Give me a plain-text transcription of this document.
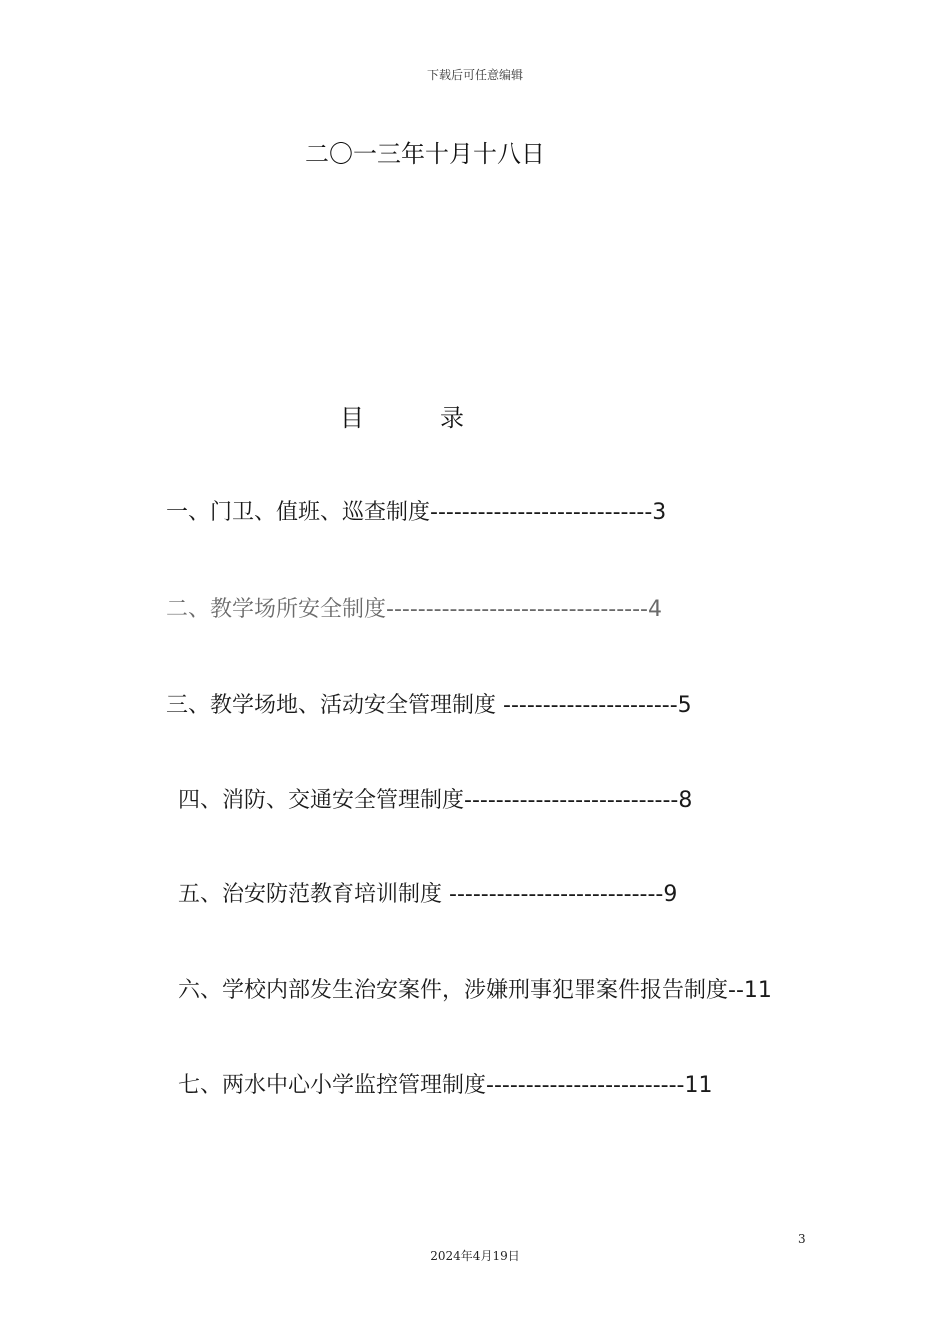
下载后可任意编辑
二〇一三年十月十八日
目	录
一、门卫、值班、巡查制度----------------------------3
二、教学场所安全制度---------------------------------4
三、教学场地、活动安全管理制度 ----------------------5
四、消防、交通安全管理制度---------------------------8
五、治安防范教育培训制度 ---------------------------9
六、学校内部发生治安案件，涉嫌刑事犯罪案件报告制度--11
七、两水中心小学监控管理制度-------------------------11
3
2024年4月19日
